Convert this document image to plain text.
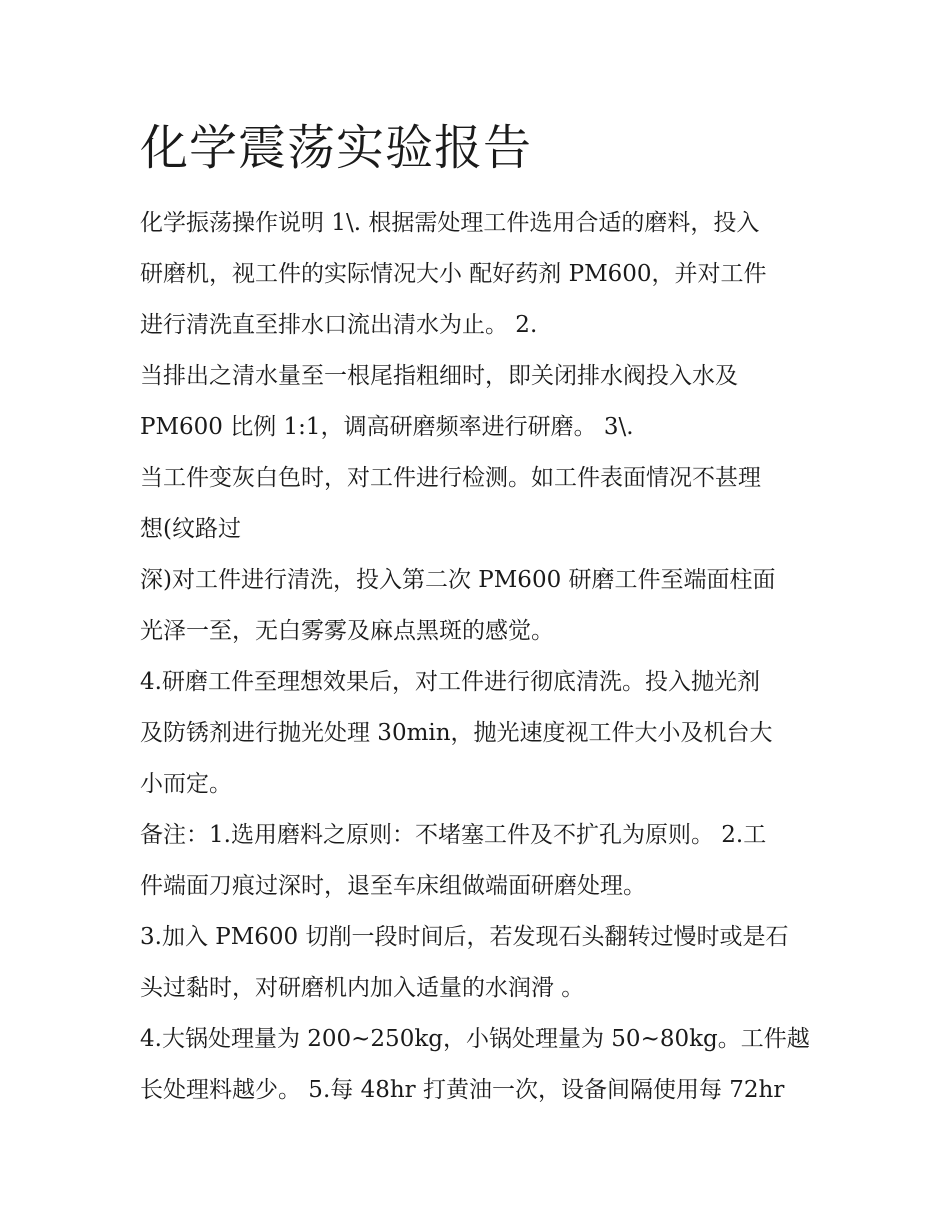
化学震荡实验报告
化学振荡操作说明 1\. 根据需处理工件选用合适的磨料，投入
研磨机，视工件的实际情况大小 配好药剂 PM600，并对工件
进行清洗直至排水口流出清水为止。 2.
当排出之清水量至一根尾指粗细时，即关闭排水阀投入水及
PM600 比例 1:1，调高研磨频率进行研磨。 3\.
当工件变灰白色时，对工件进行检测。如工件表面情况不甚理
想(纹路过
深)对工件进行清洗，投入第二次 PM600 研磨工件至端面柱面
光泽一至，无白雾雾及麻点黑斑的感觉。
4.研磨工件至理想效果后，对工件进行彻底清洗。投入抛光剂
及防锈剂进行抛光处理 30min，抛光速度视工件大小及机台大
小而定。
备注：1.选用磨料之原则：不堵塞工件及不扩孔为原则。 2.工
件端面刀痕过深时，退至车床组做端面研磨处理。
3.加入 PM600 切削一段时间后，若发现石头翻转过慢时或是石
头过黏时，对研磨机内加入适量的水润滑 。
4.大锅处理量为 200~250kg，小锅处理量为 50~80kg。工件越
长处理料越少。 5.每 48hr 打黄油一次，设备间隔使用每 72hr
